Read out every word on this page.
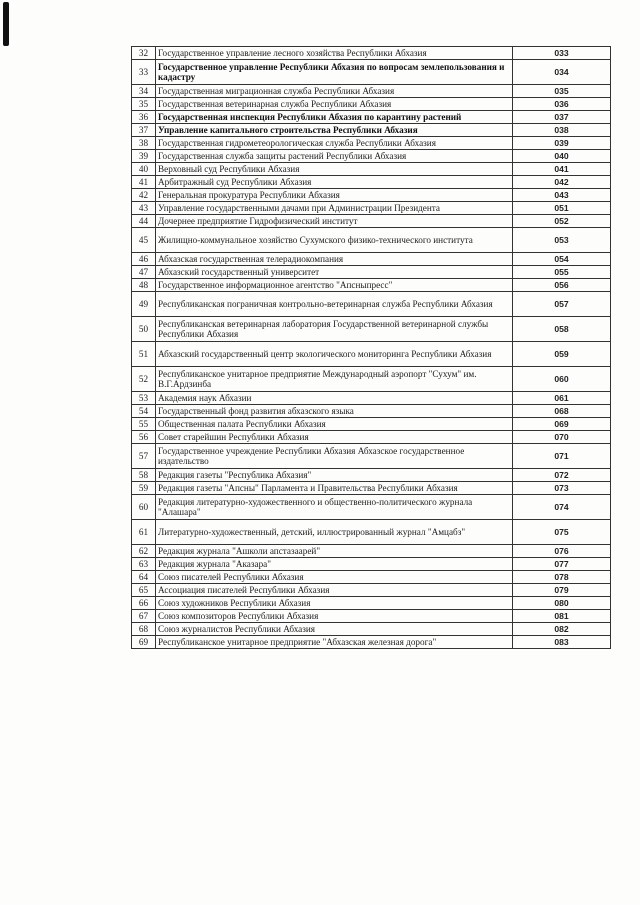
32	Государственное управление лесного хозяйства Республики Абхазия	033
33	Государственное управление Республики Абхазия по вопросам землепользования и кадастру	034
34	Государственная миграционная служба Республики Абхазия	035
35	Государственная ветеринарная служба Республики Абхазия	036
36	Государственная инспекция Республики Абхазия по карантину растений	037
37	Управление капитального строительства Республики Абхазия	038
38	Государственная гидрометеорологическая служба Республики Абхазия	039
39	Государственная служба защиты растений Республики Абхазия	040
40	Верховный суд Республики Абхазия	041
41	Арбитражный суд Республики Абхазия	042
42	Генеральная прокуратура Республики Абхазия	043
43	Управление государственными дачами при Администрации Президента	051
44	Дочернее предприятие Гидрофизический институт	052
45	Жилищно-коммунальное хозяйство Сухумского физико-технического института	053
46	Абхазская государственная телерадиокомпания	054
47	Абхазский государственный университет	055
48	Государственное информационное агентство "Апсныпресс"	056
49	Республиканская пограничная контрольно-ветеринарная служба Республики Абхазия	057
50	Республиканская ветеринарная лаборатория Государственной ветеринарной службы Республики Абхазия	058
51	Абхазский государственный центр экологического мониторинга Республики Абхазия	059
52	Республиканское унитарное предприятие Международный аэропорт "Сухум" им. В.Г.Ардзинба	060
53	Академия наук Абхазии	061
54	Государственный фонд развития абхазского языка	068
55	Общественная палата Республики Абхазия	069
56	Совет старейшин Республики Абхазия	070
57	Государственное учреждение Республики Абхазия Абхазское государственное издательство	071
58	Редакция газеты "Республика Абхазия"	072
59	Редакция газеты "Апсны" Парламента и Правительства Республики Абхазия	073
60	Редакция литературно-художественного и общественно-политического журнала "Алашара"	074
61	Литературно-художественный, детский, иллюстрированный журнал "Амцабз"	075
62	Редакция журнала "Ашколи апстазаарей"	076
63	Редакция журнала "Аказара"	077
64	Союз писателей Республики Абхазия	078
65	Ассоциация писателей Республики Абхазия	079
66	Союз художников Республики Абхазия	080
67	Союз композиторов Республики Абхазия	081
68	Союз журналистов Республики Абхазия	082
69	Республиканское унитарное предприятие "Абхазская железная дорога"	083
